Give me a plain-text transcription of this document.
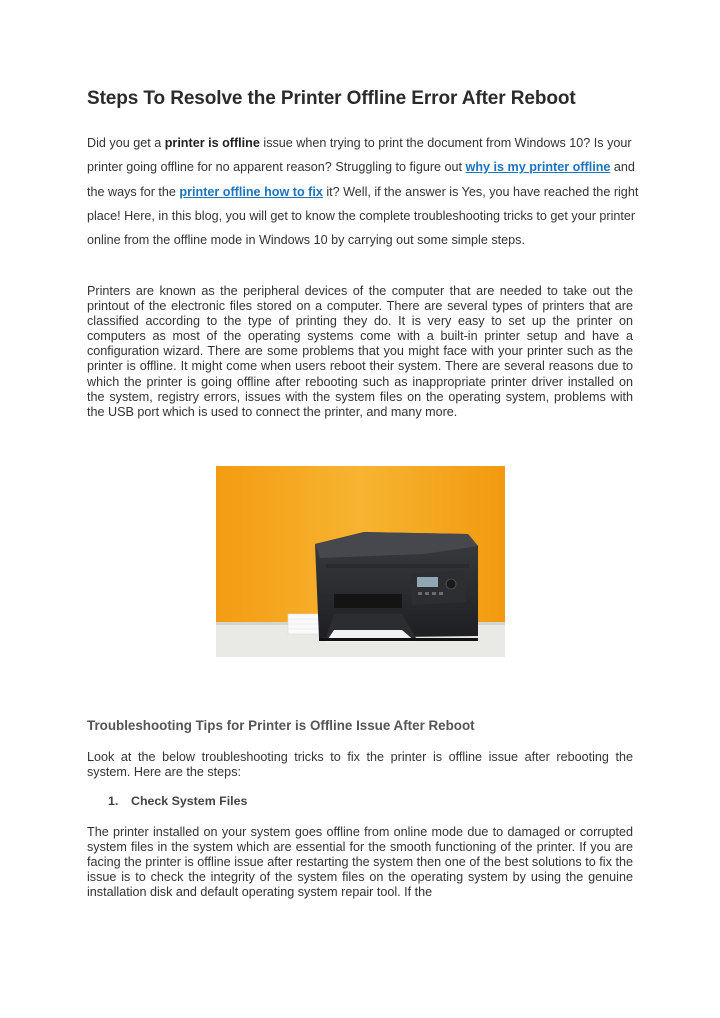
Steps To Resolve the Printer Offline Error After Reboot

Did you get a printer is offline issue when trying to print the document from Windows 10? Is your printer going offline for no apparent reason? Struggling to figure out why is my printer offline and the ways for the printer offline how to fix it? Well, if the answer is Yes, you have reached the right place! Here, in this blog, you will get to know the complete troubleshooting tricks to get your printer online from the offline mode in Windows 10 by carrying out some simple steps.

Printers are known as the peripheral devices of the computer that are needed to take out the printout of the electronic files stored on a computer. There are several types of printers that are classified according to the type of printing they do. It is very easy to set up the printer on computers as most of the operating systems come with a built-in printer setup and have a configuration wizard. There are some problems that you might face with your printer such as the printer is offline. It might come when users reboot their system. There are several reasons due to which the printer is going offline after rebooting such as inappropriate printer driver installed on the system, registry errors, issues with the system files on the operating system, problems with the USB port which is used to connect the printer, and many more.

Troubleshooting Tips for Printer is Offline Issue After Reboot

Look at the below troubleshooting tricks to fix the printer is offline issue after rebooting the system. Here are the steps:

1. Check System Files

The printer installed on your system goes offline from online mode due to damaged or corrupted system files in the system which are essential for the smooth functioning of the printer. If you are facing the printer is offline issue after restarting the system then one of the best solutions to fix the issue is to check the integrity of the system files on the operating system by using the genuine installation disk and default operating system repair tool. If the
